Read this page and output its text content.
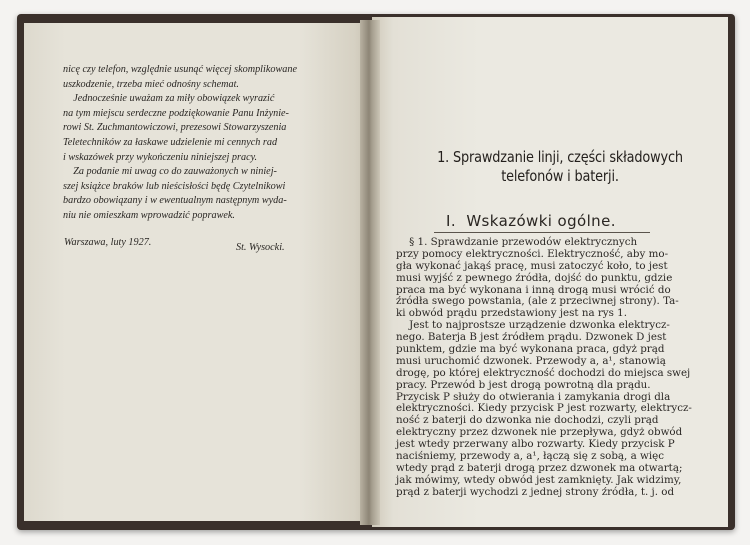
nicę czy telefon, względnie usunąć więcej skomplikowane
uszkodzenie, trzeba mieć odnośny schemat.
Jednocześnie uważam za miły obowiązek wyrazić
na tym miejscu serdeczne podziękowanie Panu Inżynie-
rowi St. Zuchmantowiczowi, prezesowi Stowarzyszenia
Teletechników za łaskawe udzielenie mi cennych rad
i wskazówek przy wykończeniu niniejszej pracy.
Za podanie mi uwag co do zauważonych w niniej-
szej książce braków lub nieścisłości będę Czytelnikowi
bardzo obowiązany i w ewentualnym następnym wyda-
niu nie omieszkam wprowadzić poprawek.
Warszawa, luty 1927.	St. Wysocki.
1. Sprawdzanie linji, części składowych
telefonów i baterji.
I.  Wskazówki ogólne.
§ 1. Sprawdzanie przewodów elektrycznych
przy pomocy elektryczności. Elektryczność, aby mo-
gła wykonać jakąś pracę, musi zatoczyć koło, to jest
musi wyjść z pewnego źródła, dojść do punktu, gdzie
praca ma być wykonana i inną drogą musi wrócić do
źródła swego powstania, (ale z przeciwnej strony). Ta-
ki obwód prądu przedstawiony jest na rys 1.
Jest to najprostsze urządzenie dzwonka elektrycz-
nego. Baterja B jest źródłem prądu. Dzwonek D jest
punktem, gdzie ma być wykonana praca, gdyż prąd
musi uruchomić dzwonek. Przewody a, a¹, stanowią
drogę, po której elektryczność dochodzi do miejsca swej
pracy. Przewód b jest drogą powrotną dla prądu.
Przycisk P służy do otwierania i zamykania drogi dla
elektryczności. Kiedy przycisk P jest rozwarty, elektrycz-
ność z baterji do dzwonka nie dochodzi, czyli prąd
elektryczny przez dzwonek nie przepływa, gdyż obwód
jest wtedy przerwany albo rozwarty. Kiedy przycisk P
naciśniemy, przewody a, a¹, łączą się z sobą, a więc
wtedy prąd z baterji drogą przez dzwonek ma otwartą;
jak mówimy, wtedy obwód jest zamknięty. Jak widzimy,
prąd z baterji wychodzi z jednej strony źródła, t. j. od
